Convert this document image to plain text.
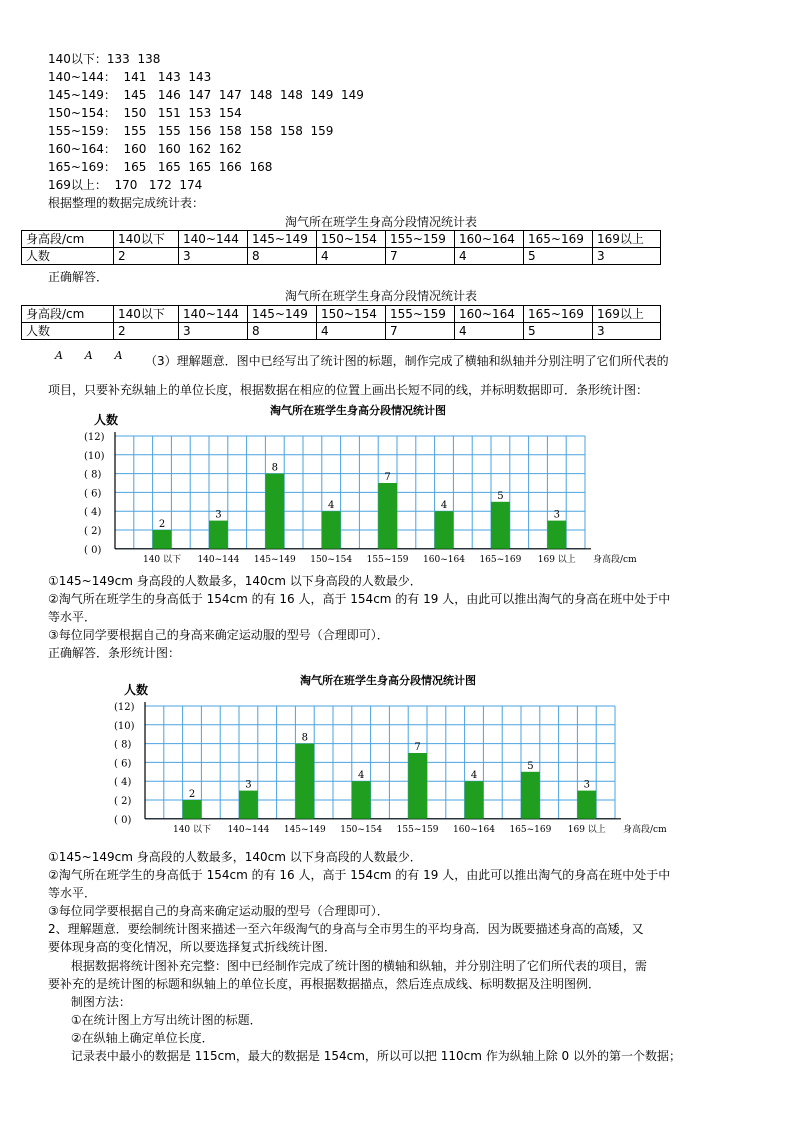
140以下：133  138
140~144：  141   143  143
145~149：  145   146  147  147  148  148  149  149
150~154：  150   151  153  154
155~159：  155   155  156  158  158  158  159
160~164：  160   160  162  162
165~169：  165   165  165  166  168
169以上：  170   172  174
根据整理的数据完成统计表：
淘气所在班学生身高分段情况统计表
身高段/cm	140以下	140~144	145~149	150~154	155~159	160~164	165~169	169以上
人数	2	3	8	4	7	4	5	3
正确解答．
淘气所在班学生身高分段情况统计表
身高段/cm	140以下	140~144	145~149	150~154	155~159	160~164	165~169	169以上
人数	2	3	8	4	7	4	5	3
A A A	（3）理解题意．图中已经写出了统计图的标题，制作完成了横轴和纵轴并分别注明了它们所代表的
项目，只要补充纵轴上的单位长度，根据数据在相应的位置上画出长短不同的线，并标明数据即可．条形统计图：
淘气所在班学生身高分段情况统计图
人数
(12)
(10)
( 8)
( 6)
( 4)
( 2)
( 0)
2
140 以下
3
140~144
8
145~149
4
150~154
7
155~159
4
160~164
5
165~169
3
169 以上 身高段/cm
①145~149cm 身高段的人数最多，140cm 以下身高段的人数最少．
②淘气所在班学生的身高低于 154cm 的有 16 人，高于 154cm 的有 19 人，由此可以推出淘气的身高在班中处于中
等水平．
③每位同学要根据自己的身高来确定运动服的型号（合理即可）．
正确解答．条形统计图：
淘气所在班学生身高分段情况统计图
人数
(12)
(10)
( 8)
( 6)
( 4)
( 2)
( 0)
2
140 以下
3
140~144
8
145~149
4
150~154
7
155~159
4
160~164
5
165~169
3
169 以上 身高段/cm
①145~149cm 身高段的人数最多，140cm 以下身高段的人数最少．
②淘气所在班学生的身高低于 154cm 的有 16 人，高于 154cm 的有 19 人，由此可以推出淘气的身高在班中处于中
等水平．
③每位同学要根据自己的身高来确定运动服的型号（合理即可）．
2、理解题意．要绘制统计图来描述一至六年级淘气的身高与全市男生的平均身高．因为既要描述身高的高矮，又
要体现身高的变化情况，所以要选择复式折线统计图．
根据数据将统计图补充完整：图中已经制作完成了统计图的横轴和纵轴，并分别注明了它们所代表的项目，需
要补充的是统计图的标题和纵轴上的单位长度，再根据数据描点，然后连点成线、标明数据及注明图例．
制图方法：
①在统计图上方写出统计图的标题．
②在纵轴上确定单位长度．
记录表中最小的数据是 115cm，最大的数据是 154cm，所以可以把 110cm 作为纵轴上除 0 以外的第一个数据；
